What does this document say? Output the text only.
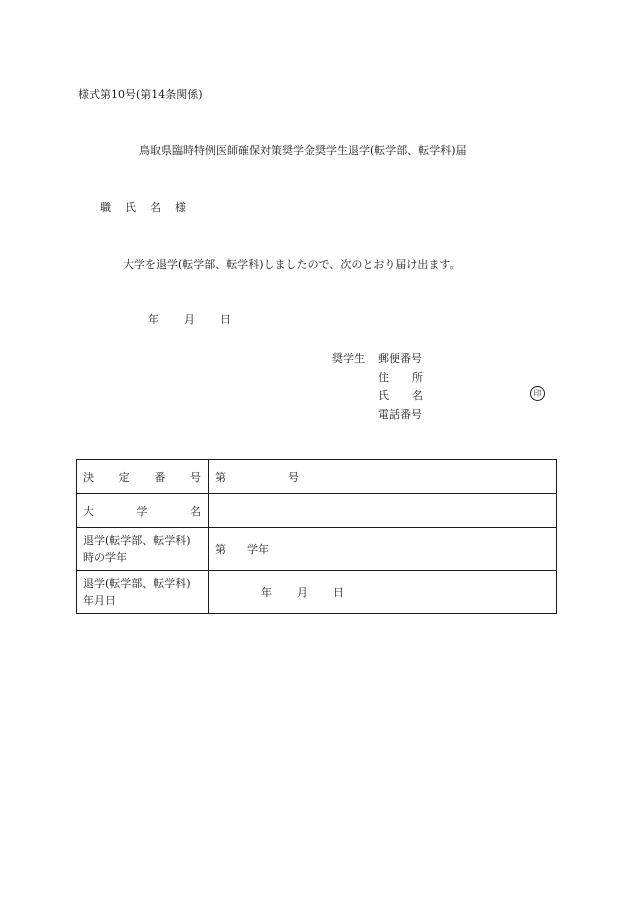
様式第10号(第14条関係)
鳥取県臨時特例医師確保対策奨学金奨学生退学(転学部、転学科)届
職 氏 名 様
大学を退学(転学部、転学科)しましたので、次のとおり届け出ます。
年 月 日
奨学生 郵便番号
住 所
氏 名	印
電話番号
決 定 番 号	第 号

大 学 名	

退学(転学部、転学科)
時の学年	第 学年

退学(転学部、転学科)
年月日	年 月 日
